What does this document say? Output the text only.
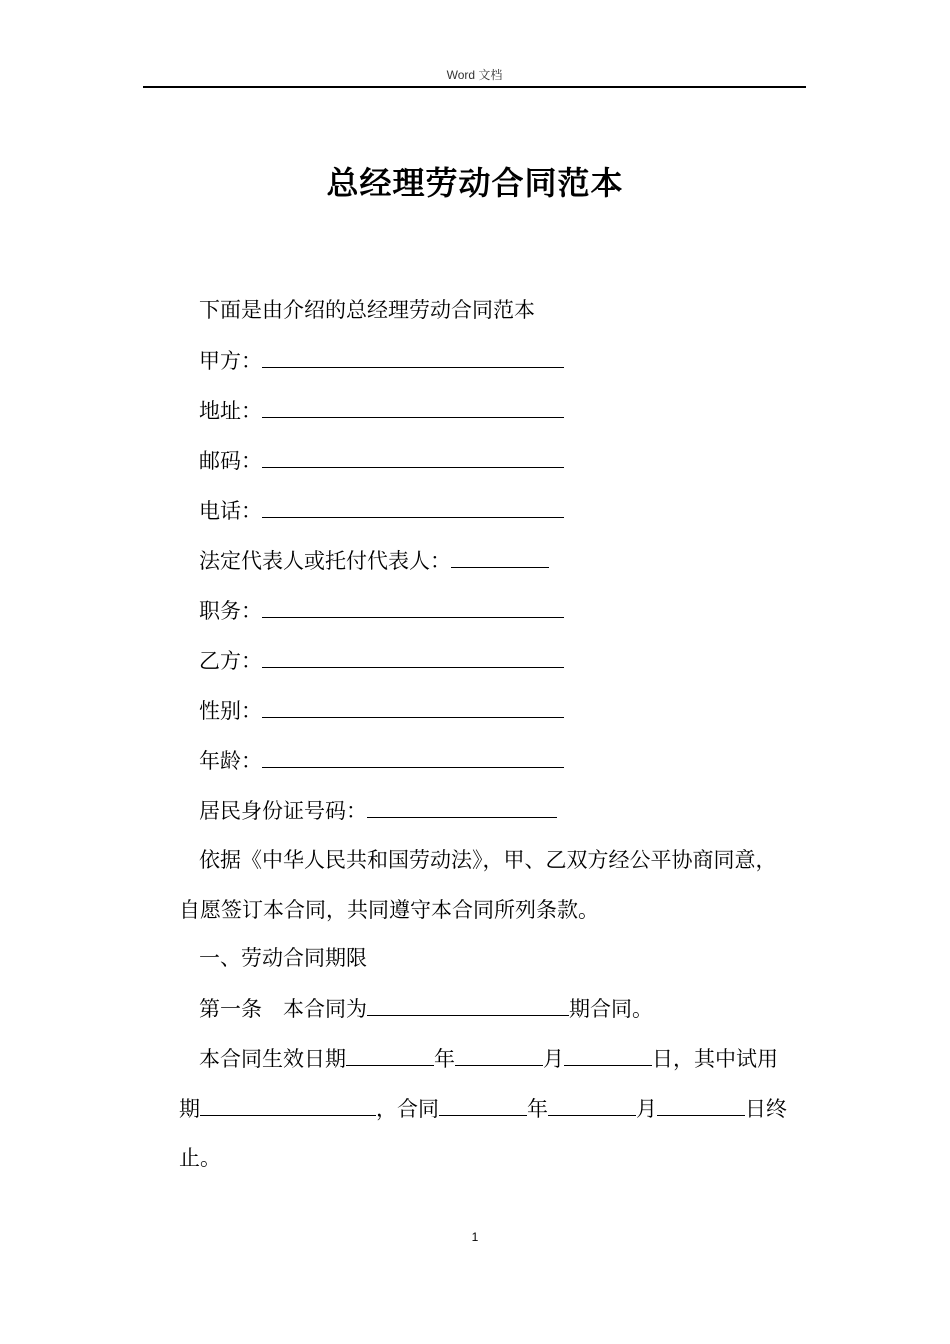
Word 文档
总经理劳动合同范本
下面是由介绍的总经理劳动合同范本
甲方：
地址：
邮码：
电话：
法定代表人或托付代表人：
职务：
乙方：
性别：
年龄：
居民身份证号码：
依据《中华人民共和国劳动法》，甲、乙双方经公平协商同意，
自愿签订本合同，共同遵守本合同所列条款。
一、劳动合同期限
第一条　本合同为	期合同。
本合同生效日期	年	月	日，其中试用
期	，合同	年	月	日终
止。
1
